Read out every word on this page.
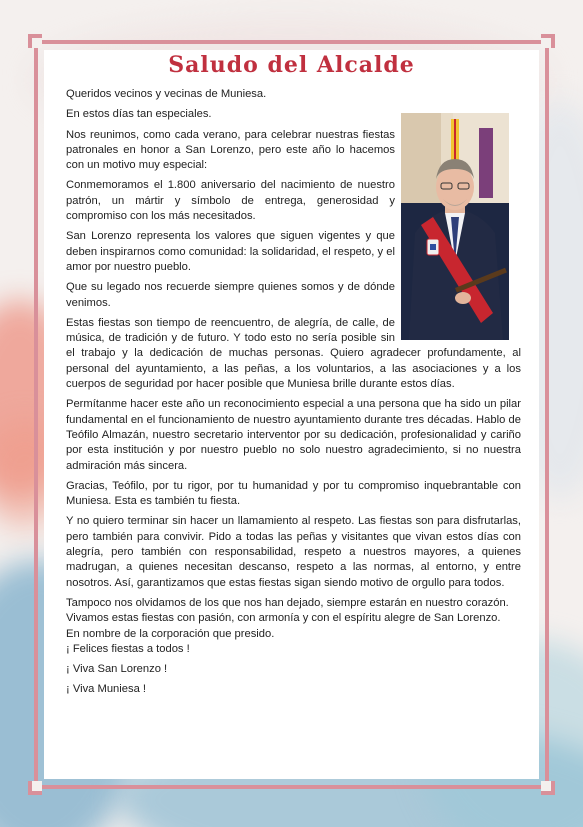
Saludo del Alcalde

Queridos vecinos y vecinas de Muniesa.

En estos días tan especiales.

Nos reunimos, como cada verano, para celebrar nuestras fiestas patronales en honor a San Lorenzo, pero este año lo hacemos con un motivo muy especial:

Conmemoramos el 1.800 aniversario del nacimiento de nuestro patrón, un mártir y símbolo de entrega, generosidad y compromiso con los más necesitados.

San Lorenzo representa los valores que siguen vigentes y que deben inspirarnos como comunidad: la solidaridad, el respeto, y el amor por nuestro pueblo.

Que su legado nos recuerde siempre quienes somos y de dónde venimos.

Estas fiestas son tiempo de reencuentro, de alegría, de calle, de música, de tradición y de futuro. Y todo esto no sería posible sin el trabajo y la dedicación de muchas personas. Quiero agradecer profundamente, al personal del ayuntamiento, a las peñas, a los voluntarios, a las asociaciones y a los cuerpos de seguridad por hacer posible que Muniesa brille durante estos días.

Permítanme hacer este año un reconocimiento especial a una persona que ha sido un pilar fundamental en el funcionamiento de nuestro ayuntamiento durante tres décadas. Hablo de Teófilo Almazán, nuestro secretario interventor por su dedicación, profesionalidad y cariño por esta institución y por nuestro pueblo no solo nuestro agradecimiento, si no nuestra admiración más sincera.

Gracias, Teófilo, por tu rigor, por tu humanidad y por tu compromiso inquebrantable con Muniesa. Esta es también tu fiesta.

Y no quiero terminar sin hacer un llamamiento al respeto. Las fiestas son para disfrutarlas, pero también para convivir. Pido a todas las peñas y visitantes que vivan estos días con alegría, pero también con responsabilidad, respeto a nuestros mayores, a quienes madrugan, a quienes necesitan descanso, respeto a las normas, al entorno, y entre nosotros. Así, garantizamos que estas fiestas sigan siendo motivo de orgullo para todos.

Tampoco nos olvidamos de los que nos han dejado, siempre estarán en nuestro corazón.

Vivamos estas fiestas con pasión, con armonía y con el espíritu alegre de San Lorenzo.

En nombre de la corporación que presido.

¡ Felices fiestas a todos !

¡ Viva San Lorenzo !

¡ Viva Muniesa !
